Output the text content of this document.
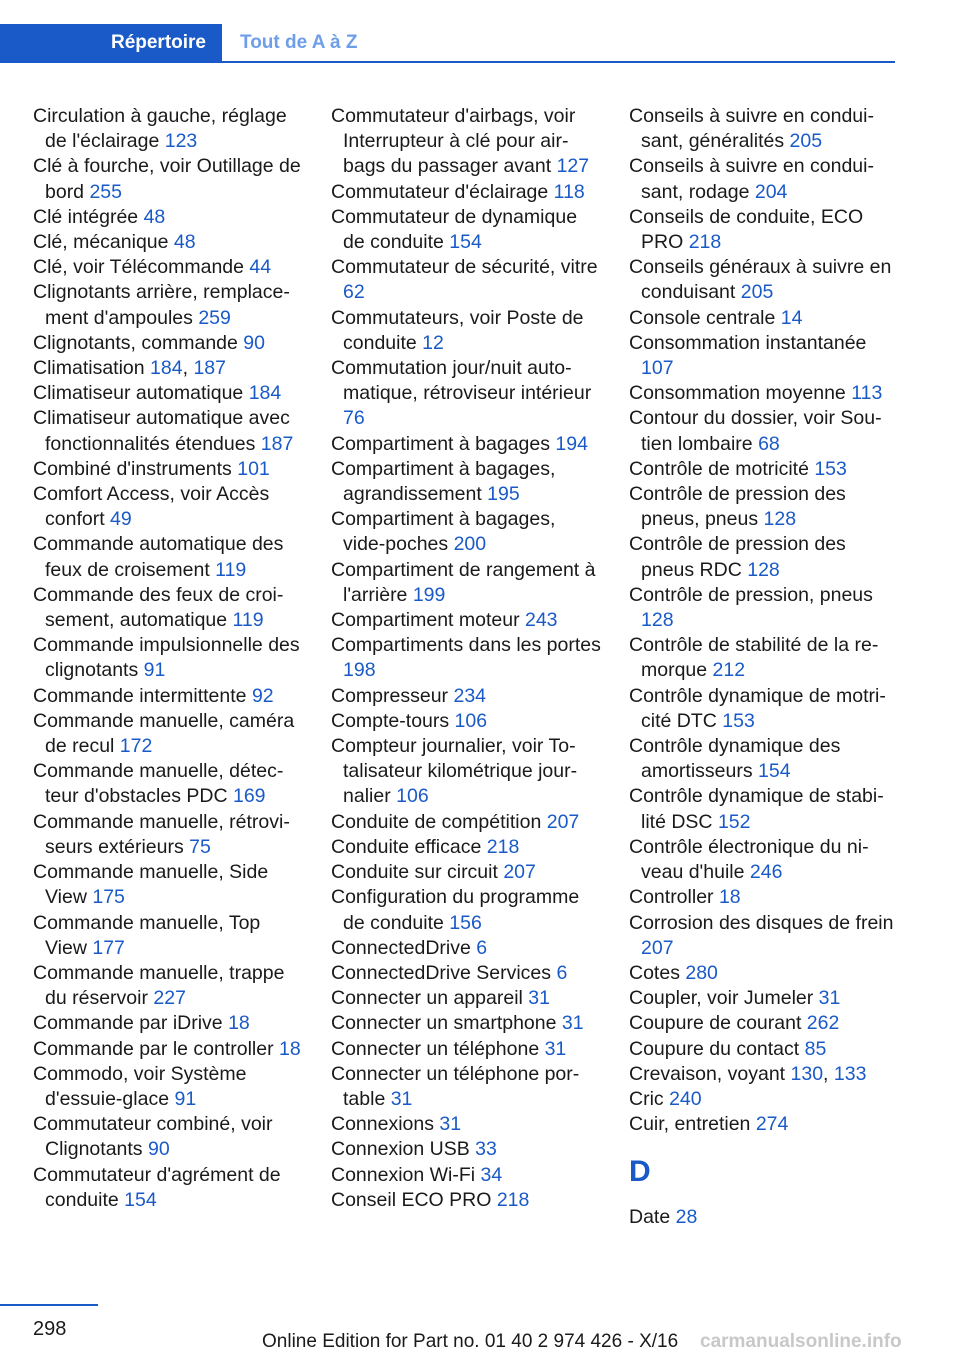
Répertoire Tout de A à Z

Circulation à gauche, réglage de l'éclairage 123

Clé à fourche, voir Outillage de bord 255

Clé intégrée 48

Clé, mécanique 48

Clé, voir Télécommande 44

Clignotants arrière, remplacement d'ampoules 259

Clignotants, commande 90

Climatisation 184, 187

Climatiseur automatique 184

Climatiseur automatique avec fonctionnalités étendues 187

Combiné d'instruments 101

Comfort Access, voir Accès confort 49

Commande automatique des feux de croisement 119

Commande des feux de croisement, automatique 119

Commande impulsionnelle des clignotants 91

Commande intermittente 92

Commande manuelle, caméra de recul 172

Commande manuelle, détecteur d'obstacles PDC 169

Commande manuelle, rétroviseurs extérieurs 75

Commande manuelle, Side View 175

Commande manuelle, Top View 177

Commande manuelle, trappe du réservoir 227

Commande par iDrive 18

Commande par le controller 18

Commodo, voir Système d'essuie-glace 91

Commutateur combiné, voir Clignotants 90

Commutateur d'agrément de conduite 154

Commutateur d'airbags, voir Interrupteur à clé pour airbags du passager avant 127

Commutateur d'éclairage 118

Commutateur de dynamique de conduite 154

Commutateur de sécurité, vitre 62

Commutateurs, voir Poste de conduite 12

Commutation jour/nuit automatique, rétroviseur intérieur 76

Compartiment à bagages 194

Compartiment à bagages, agrandissement 195

Compartiment à bagages, vide-poches 200

Compartiment de rangement à l'arrière 199

Compartiment moteur 243

Compartiments dans les portes 198

Compresseur 234

Compte-tours 106

Compteur journalier, voir Totalisateur kilométrique journalier 106

Conduite de compétition 207

Conduite efficace 218

Conduite sur circuit 207

Configuration du programme de conduite 156

ConnectedDrive 6

ConnectedDrive Services 6

Connecter un appareil 31

Connecter un smartphone 31

Connecter un téléphone 31

Connecter un téléphone portable 31

Connexions 31

Connexion USB 33

Connexion Wi-Fi 34

Conseil ECO PRO 218

Conseils à suivre en conduisant, généralités 205

Conseils à suivre en conduisant, rodage 204

Conseils de conduite, ECO PRO 218

Conseils généraux à suivre en conduisant 205

Console centrale 14

Consommation instantanée 107

Consommation moyenne 113

Contour du dossier, voir Soutien lombaire 68

Contrôle de motricité 153

Contrôle de pression des pneus, pneus 128

Contrôle de pression des pneus RDC 128

Contrôle de pression, pneus 128

Contrôle de stabilité de la remorque 212

Contrôle dynamique de motricité DTC 153

Contrôle dynamique des amortisseurs 154

Contrôle dynamique de stabilité DSC 152

Contrôle électronique du niveau d'huile 246

Controller 18

Corrosion des disques de frein 207

Cotes 280

Coupler, voir Jumeler 31

Coupure de courant 262

Coupure du contact 85

Crevaison, voyant 130, 133

Cric 240

Cuir, entretien 274

D

Date 28

298
Online Edition for Part no. 01 40 2 974 426 - X/16 carmanualsonline.info
